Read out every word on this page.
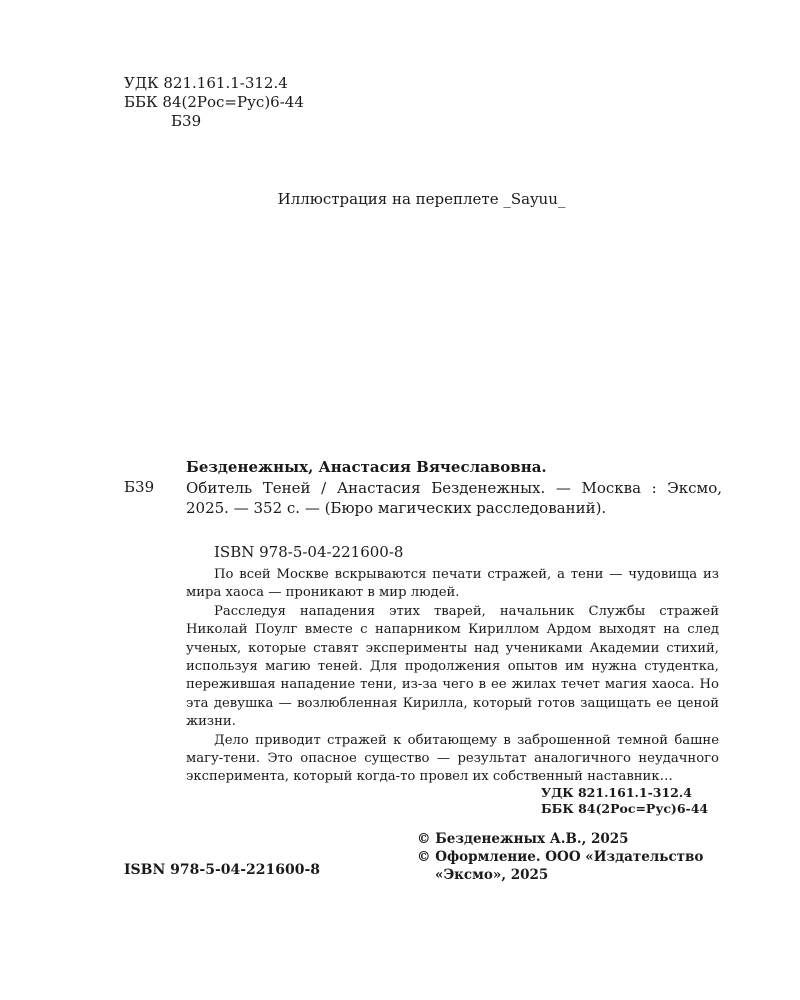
УДК 821.161.1-312.4
ББК 84(2Рос=Рус)6-44
Б39
Иллюстрация на переплете _Sayuu_
Безденежных, Анастасия Вячеславовна.
Б39 Обитель Теней / Анастасия Безденежных. — Москва : Эксмо, 2025. — 352 с. — (Бюро магических расследований).
ISBN 978-5-04-221600-8

По всей Москве вскрываются печати стражей, а тени — чудовища из мира хаоса — проникают в мир людей.

Расследуя нападения этих тварей, начальник Службы стражей Николай Поулг вместе с напарником Кириллом Ардом выходят на след ученых, которые ставят эксперименты над учениками Академии стихий, используя магию теней. Для продолжения опытов им нужна студентка, пережившая нападение тени, из-за чего в ее жилах течет магия хаоса. Но эта девушка — возлюбленная Кирилла, который готов защищать ее ценой жизни.

Дело приводит стражей к обитающему в заброшенной темной башне магу-тени. Это опасное существо — результат аналогичного неудачного эксперимента, который когда-то провел их собственный наставник…

УДК 821.161.1-312.4
ББК 84(2Рос=Рус)6-44
© Безденежных А.В., 2025
© Оформление. ООО «Издательство
«Эксмо», 2025
ISBN 978-5-04-221600-8
